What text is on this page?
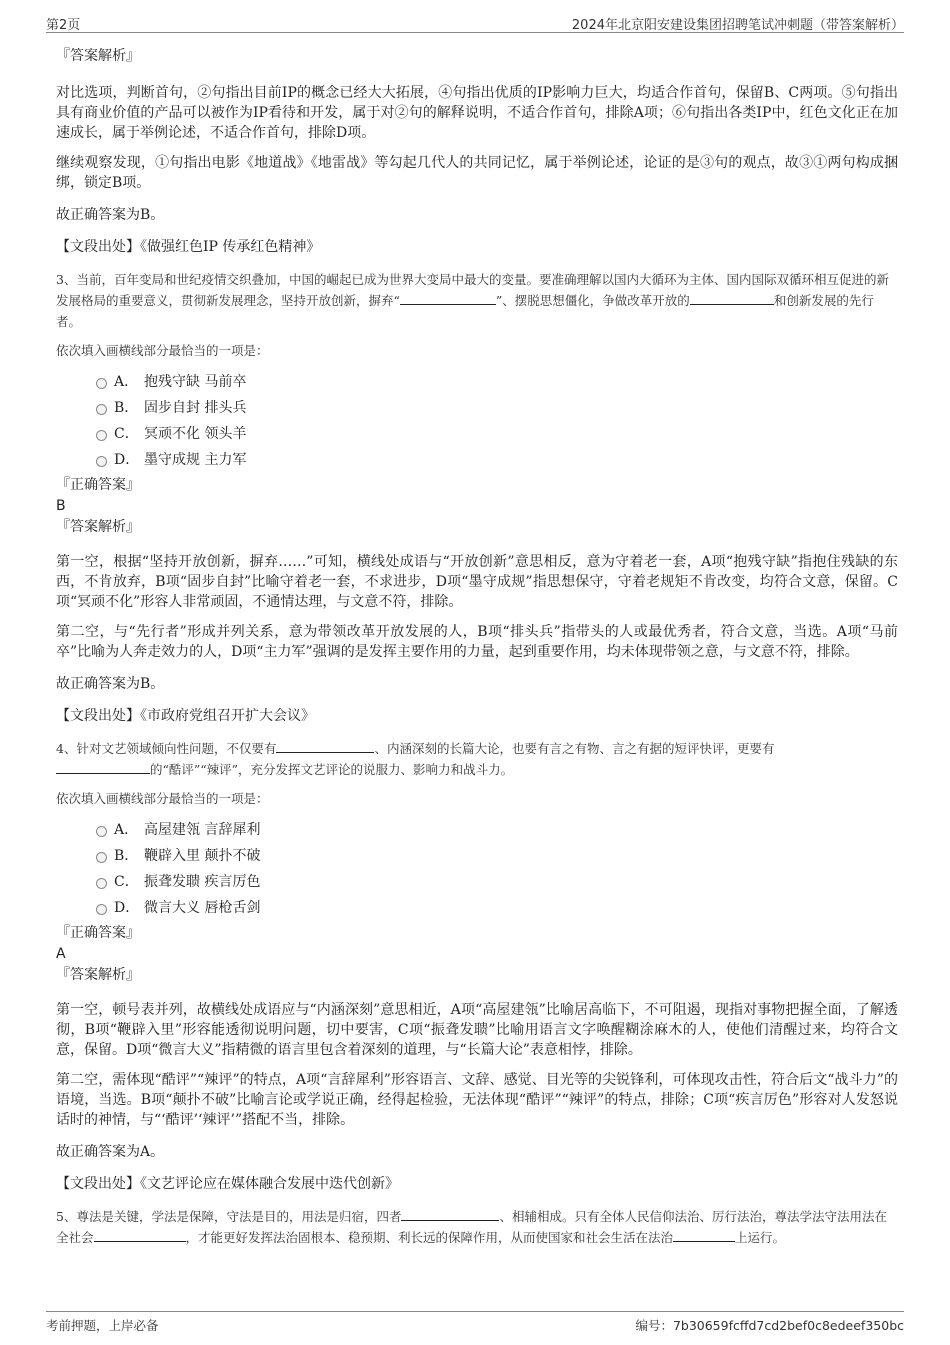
第2页	2024年北京阳安建设集团招聘笔试冲刺题（带答案解析）

『答案解析』

对比选项，判断首句，②句指出目前IP的概念已经大大拓展，④句指出优质的IP影响力巨大，均适合作首句，保留B、C两项。⑤句指出具有商业价值的产品可以被作为IP看待和开发，属于对②句的解释说明，不适合作首句，排除A项；⑥句指出各类IP中，红色文化正在加速成长，属于举例论述，不适合作首句，排除D项。

继续观察发现，①句指出电影《地道战》《地雷战》等勾起几代人的共同记忆，属于举例论述，论证的是③句的观点，故③①两句构成捆绑，锁定B项。

故正确答案为B。

【文段出处】《做强红色IP 传承红色精神》

3、当前，百年变局和世纪疫情交织叠加，中国的崛起已成为世界大变局中最大的变量。要准确理解以国内大循环为主体、国内国际双循环相互促进的新发展格局的重要意义，贯彻新发展理念，坚持开放创新，摒弃“	”、摆脱思想僵化，争做改革开放的	和创新发展的先行者。

依次填入画横线部分最恰当的一项是：

A． 抱残守缺 马前卒
B． 固步自封 排头兵
C． 冥顽不化 领头羊
D． 墨守成规 主力军

『正确答案』

B

『答案解析』

第一空，根据“坚持开放创新，摒弃……”可知，横线处成语与“开放创新”意思相反，意为守着老一套，A项“抱残守缺”指抱住残缺的东西，不肯放弃，B项“固步自封”比喻守着老一套，不求进步，D项“墨守成规”指思想保守，守着老规矩不肯改变，均符合文意，保留。C项“冥顽不化”形容人非常顽固，不通情达理，与文意不符，排除。

第二空，与“先行者”形成并列关系，意为带领改革开放发展的人，B项“排头兵”指带头的人或最优秀者，符合文意，当选。A项“马前卒”比喻为人奔走效力的人，D项“主力军”强调的是发挥主要作用的力量，起到重要作用，均未体现带领之意，与文意不符，排除。

故正确答案为B。

【文段出处】《市政府党组召开扩大会议》

4、针对文艺领域倾向性问题，不仅要有	、内涵深刻的长篇大论，也要有言之有物、言之有据的短评快评，更要有
的“酷评”“辣评”，充分发挥文艺评论的说服力、影响力和战斗力。

依次填入画横线部分最恰当的一项是：

A． 高屋建瓴 言辞犀利
B． 鞭辟入里 颠扑不破
C． 振聋发聩 疾言厉色
D． 微言大义 唇枪舌剑

『正确答案』

A

『答案解析』

第一空，顿号表并列，故横线处成语应与“内涵深刻”意思相近，A项“高屋建瓴”比喻居高临下，不可阻遏，现指对事物把握全面，了解透彻，B项“鞭辟入里”形容能透彻说明问题，切中要害，C项“振聋发聩”比喻用语言文字唤醒糊涂麻木的人，使他们清醒过来，均符合文意，保留。D项“微言大义”指精微的语言里包含着深刻的道理，与“长篇大论”表意相悖，排除。

第二空，需体现“酷评”“辣评”的特点，A项“言辞犀利”形容语言、文辞、感觉、目光等的尖锐锋利，可体现攻击性，符合后文“战斗力”的语境，当选。B项“颠扑不破”比喻言论或学说正确，经得起检验，无法体现“酷评”“辣评”的特点，排除；C项“疾言厉色”形容对人发怒说话时的神情，与“‘酷评’‘辣评’”搭配不当，排除。

故正确答案为A。

【文段出处】《文艺评论应在媒体融合发展中迭代创新》

5、尊法是关键，学法是保障，守法是目的，用法是归宿，四者	、相辅相成。只有全体人民信仰法治、厉行法治，尊法学法守法用法在全社会	，才能更好发挥法治固根本、稳预期、利长远的保障作用，从而使国家和社会生活在法治	上运行。

考前押题，上岸必备	编号：7b30659fcffd7cd2bef0c8edeef350bc
